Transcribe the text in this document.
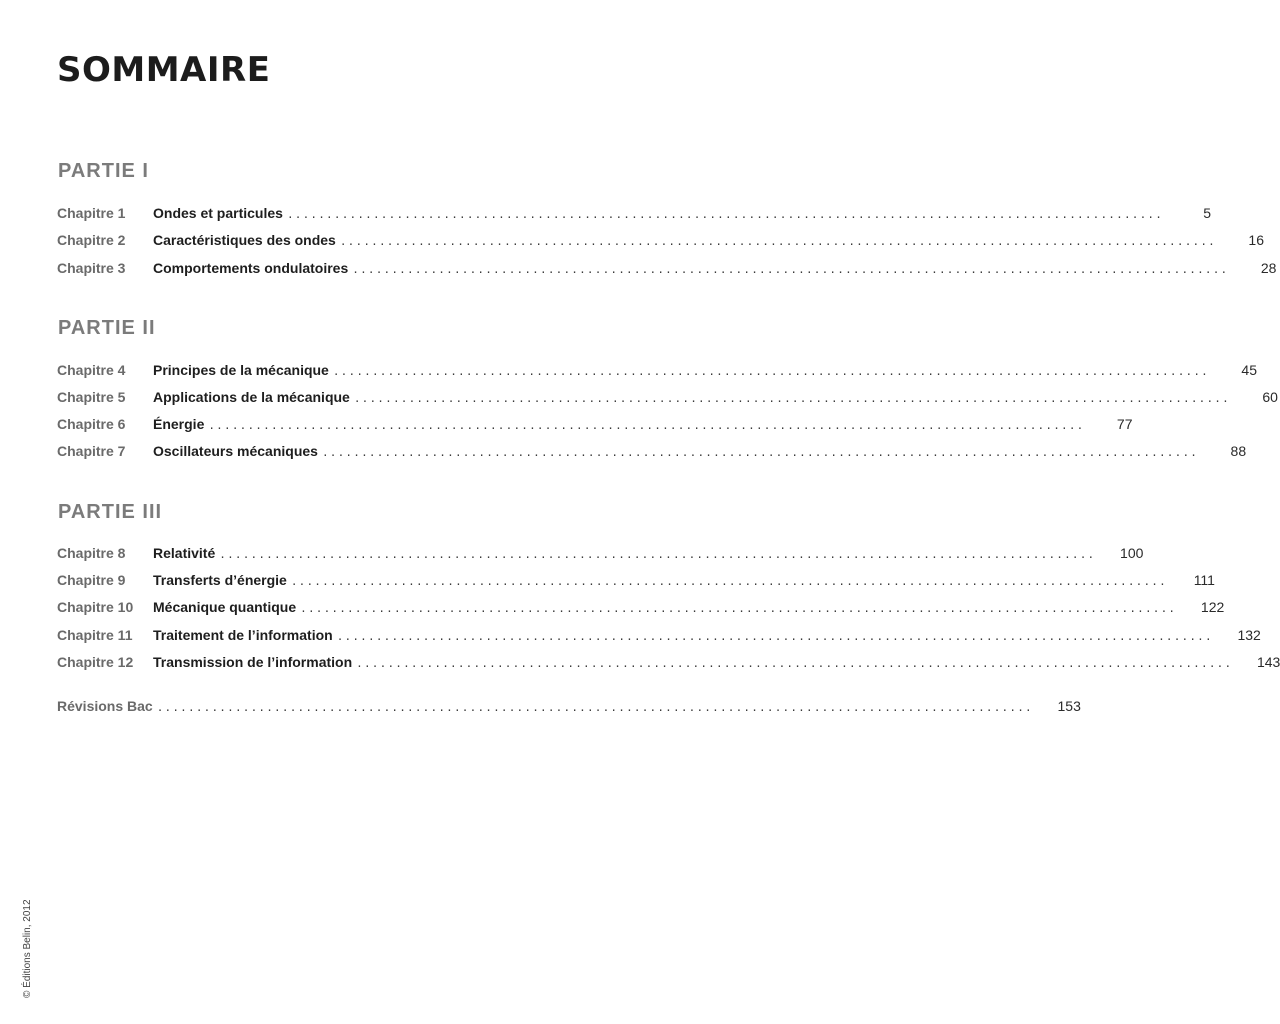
SOMMAIRE
PARTIE I
Chapitre 1	Ondes et particules ................................................................................................................	5
Chapitre 2	Caractéristiques des ondes ................................................................................................................	16
Chapitre 3	Comportements ondulatoires ................................................................................................................	28
PARTIE II
Chapitre 4	Principes de la mécanique ................................................................................................................	45
Chapitre 5	Applications de la mécanique ................................................................................................................	60
Chapitre 6	Énergie ................................................................................................................	77
Chapitre 7	Oscillateurs mécaniques ................................................................................................................	88
PARTIE III
Chapitre 8	Relativité ................................................................................................................	100
Chapitre 9	Transferts d’énergie ................................................................................................................	111
Chapitre 10	Mécanique quantique ................................................................................................................	122
Chapitre 11	Traitement de l’information ................................................................................................................	132
Chapitre 12	Transmission de l’information ................................................................................................................	143
Révisions Bac ................................................................................................................	153
© Éditions Belin, 2012
